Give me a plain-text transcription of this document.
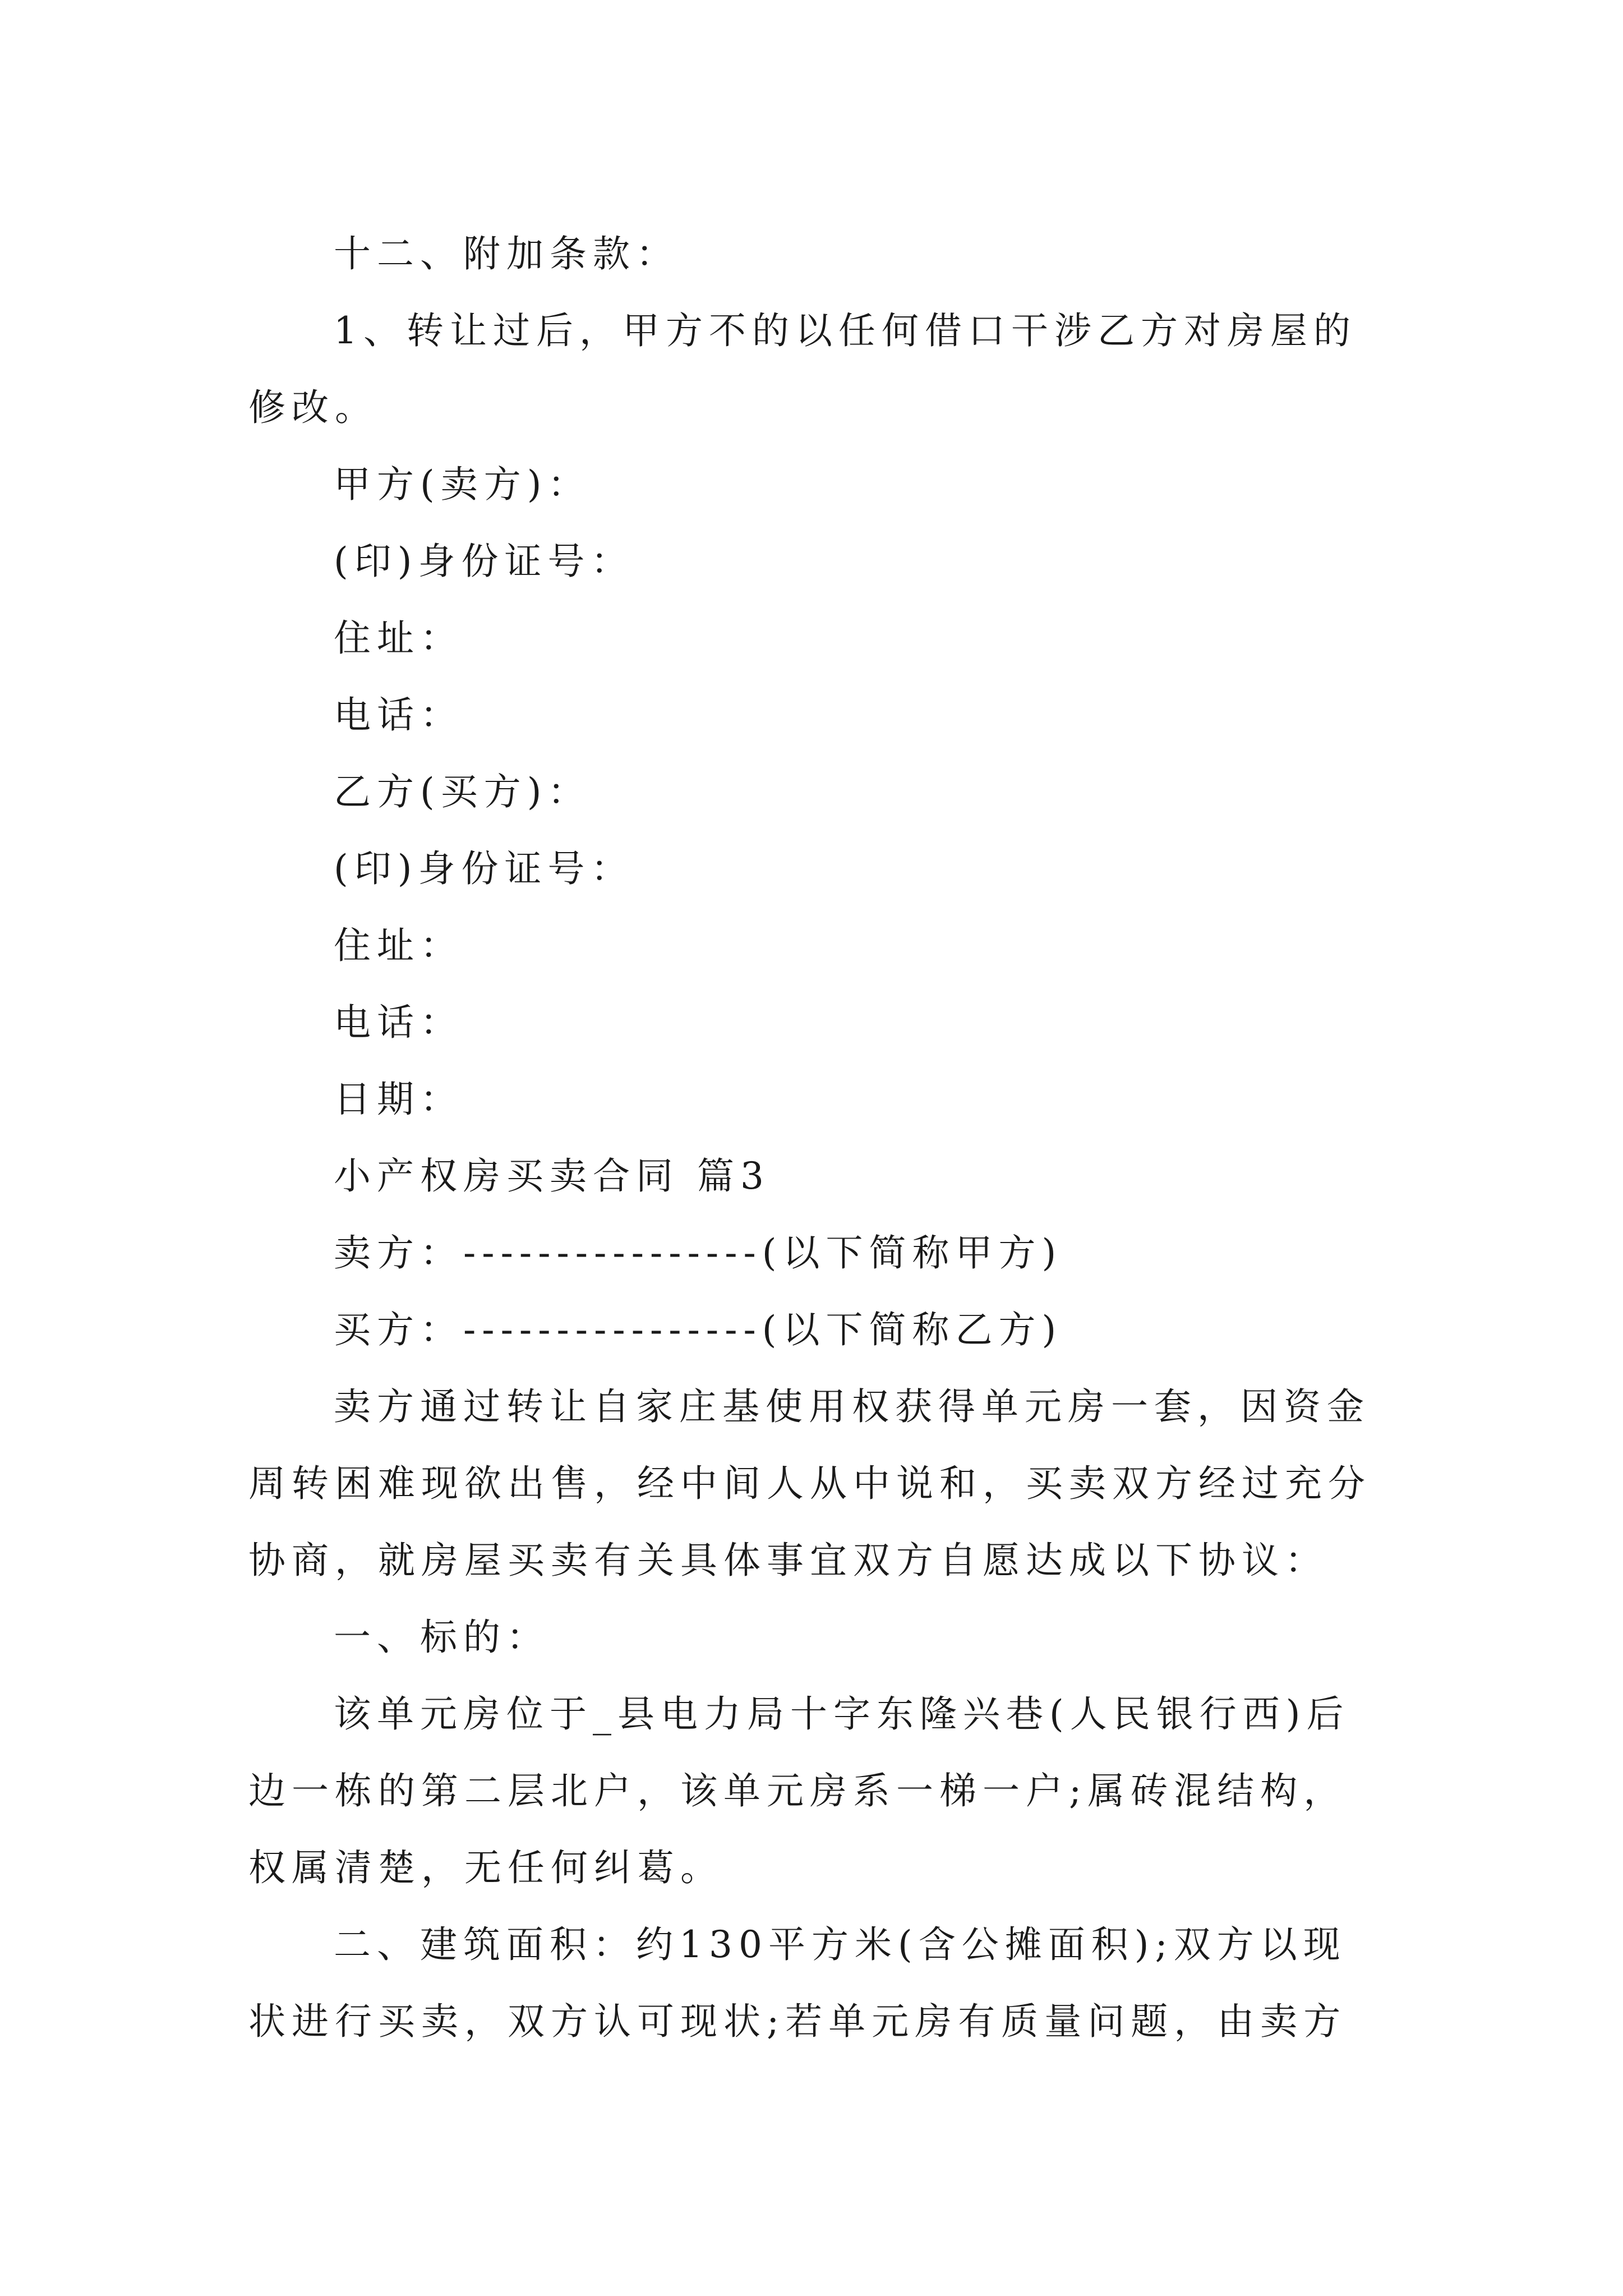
十二、附加条款：
1、转让过后，甲方不的以任何借口干涉乙方对房屋的
修改。
甲方(卖方)：
(印)身份证号：
住址：
电话：
乙方(买方)：
(印)身份证号：
住址：
电话：
日期：
小产权房买卖合同 篇3
卖方：----------------(以下简称甲方)
买方：----------------(以下简称乙方)
卖方通过转让自家庄基使用权获得单元房一套，因资金
周转困难现欲出售，经中间人从中说和，买卖双方经过充分
协商，就房屋买卖有关具体事宜双方自愿达成以下协议：
一、标的：
该单元房位于_县电力局十字东隆兴巷(人民银行西)后
边一栋的第二层北户，该单元房系一梯一户;属砖混结构，
权属清楚，无任何纠葛。
二、建筑面积：约130平方米(含公摊面积);双方以现
状进行买卖，双方认可现状;若单元房有质量问题，由卖方
